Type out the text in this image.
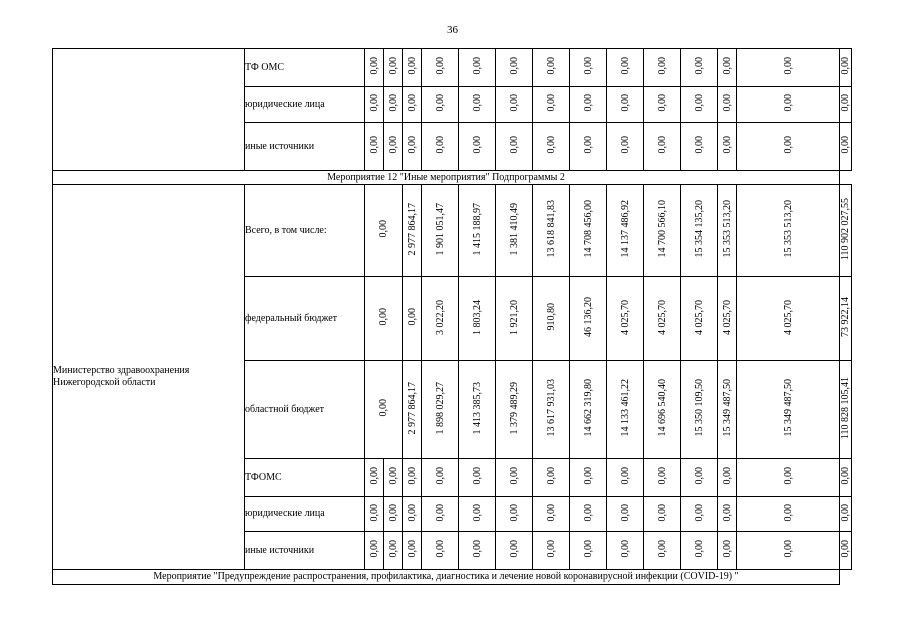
36
	ТФ ОМС	0,00	0,00	0,00	0,00	0,00	0,00	0,00	0,00	0,00	0,00	0,00	0,00	0,00	0,00
	юридические лица	0,00	0,00	0,00	0,00	0,00	0,00	0,00	0,00	0,00	0,00	0,00	0,00	0,00	0,00
	иные источники	0,00	0,00	0,00	0,00	0,00	0,00	0,00	0,00	0,00	0,00	0,00	0,00	0,00	0,00
Мероприятие 12 "Иные мероприятия" Подпрограммы 2															
Министерство здравоохранения Нижегородской области	Всего, в том числе:	0,00		2 977 864,17	1 901 051,47	1 415 188,97	1 381 410,49	13 618 841,83	14 708 456,00	14 137 486,92	14 700 566,10	15 354 135,20	15 353 513,20	15 353 513,20	110 902 027,55
	федеральный бюджет	0,00		0,00	3 022,20	1 803,24	1 921,20	910,80	46 136,20	4 025,70	4 025,70	4 025,70	4 025,70	4 025,70	73 922,14
	областной бюджет	0,00		2 977 864,17	1 898 029,27	1 413 385,73	1 379 489,29	13 617 931,03	14 662 319,80	14 133 461,22	14 696 540,40	15 350 109,50	15 349 487,50	15 349 487,50	110 828 105,41
	ТФОМС	0,00	0,00	0,00	0,00	0,00	0,00	0,00	0,00	0,00	0,00	0,00	0,00	0,00	0,00
	юридические лица	0,00	0,00	0,00	0,00	0,00	0,00	0,00	0,00	0,00	0,00	0,00	0,00	0,00	0,00
	иные источники	0,00	0,00	0,00	0,00	0,00	0,00	0,00	0,00	0,00	0,00	0,00	0,00	0,00	0,00
Мероприятие "Предупреждение распространения, профилактика, диагностика и лечение новой коронавирусной инфекции (COVID-19) "															
